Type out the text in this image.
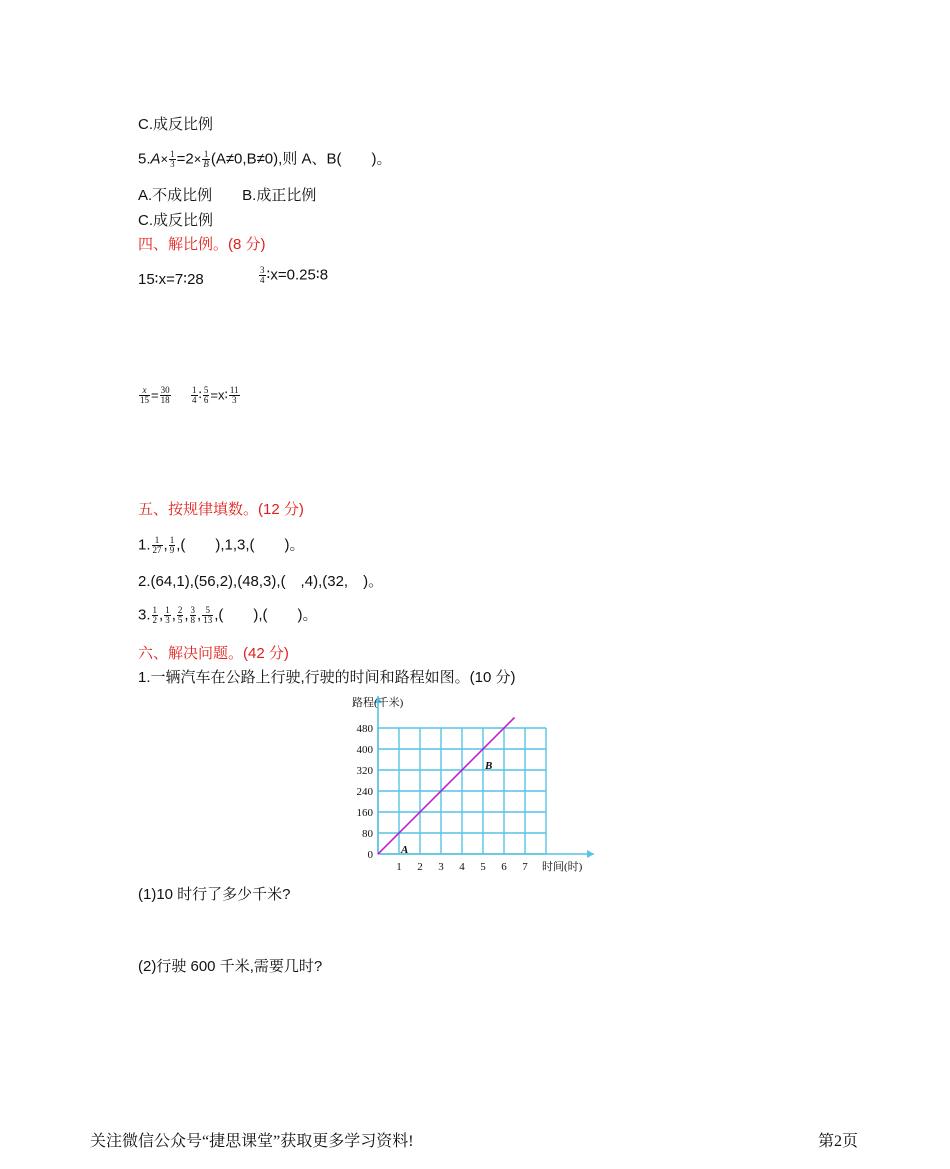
C.成反比例
$5.A\times \frac{1}{3} =2\times \frac{1}{B} (A\ne 0,B\ne 0)$,则 A、B(　　)。
A.不成比例　　B.成正比例
C.成反比例
四、解比例。(8 分)
15∶x=7∶28	$\frac{3}{4}$ ∶x=0.25∶8
$\frac{x}{15} = \frac{30}{18} \frac{1}{4}$ ∶ $\frac{5}{6}$ =x∶ $\frac{11}{3}$
五、按规律填数。(12 分)
1. $\frac{1}{27}$ , $\frac{1}{9}$ ,(　　),1,3,(　　)。
2.(64,1),(56,2),(48,3),(　,4),(32,　)。
3. $\frac{1}{2}$ , $\frac{1}{3}$ , $\frac{2}{5}$ , $\frac{3}{8}$ , $\frac{5}{13}$ ,(　　),(　　)。
六、解决问题。(42 分)
1.一辆汽车在公路上行驶,行驶的时间和路程如图。(10 分)
1 2 3 4 5 6 7
0
80
160
240
320
400
480
A
B
路程(千米)
时间(时)
(1)10 时行了多少千米?
(2)行驶 600 千米,需要几时?
关注微信公众号“捷思课堂”获取更多学习资料!	第2页
